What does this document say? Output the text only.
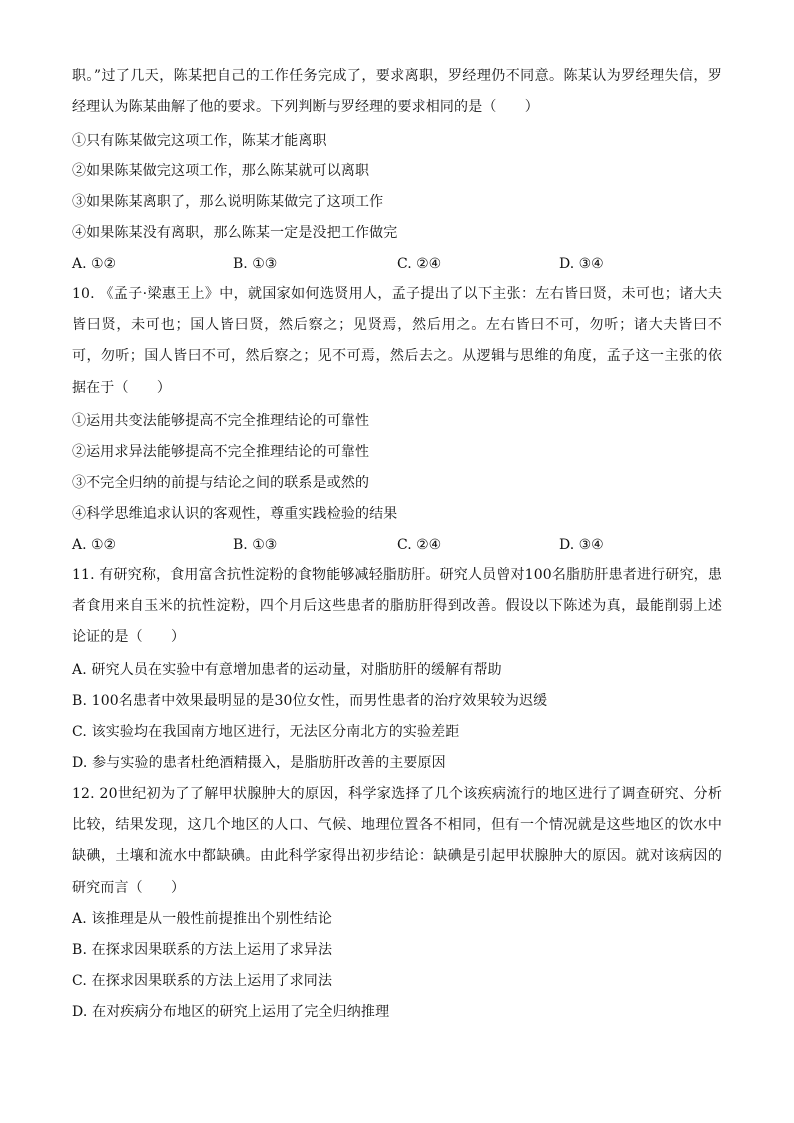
职。”过了几天，陈某把自己的工作任务完成了，要求离职，罗经理仍不同意。陈某认为罗经理失信，罗经理认为陈某曲解了他的要求。下列判断与罗经理的要求相同的是（　　）
①只有陈某做完这项工作，陈某才能离职
②如果陈某做完这项工作，那么陈某就可以离职
③如果陈某离职了，那么说明陈某做完了这项工作
④如果陈某没有离职，那么陈某一定是没把工作做完
A. ①②	B. ①③	C. ②④	D. ③④
10. 《孟子·梁惠王上》中，就国家如何选贤用人，孟子提出了以下主张：左右皆曰贤，未可也；诸大夫皆曰贤，未可也；国人皆曰贤，然后察之；见贤焉，然后用之。左右皆曰不可，勿听；诸大夫皆曰不可，勿听；国人皆曰不可，然后察之；见不可焉，然后去之。从逻辑与思维的角度，孟子这一主张的依据在于（　　）
①运用共变法能够提高不完全推理结论的可靠性
②运用求异法能够提高不完全推理结论的可靠性
③不完全归纳的前提与结论之间的联系是或然的
④科学思维追求认识的客观性，尊重实践检验的结果
A. ①②	B. ①③	C. ②④	D. ③④
11. 有研究称，食用富含抗性淀粉的食物能够减轻脂肪肝。研究人员曾对100名脂肪肝患者进行研究，患者食用来自玉米的抗性淀粉，四个月后这些患者的脂肪肝得到改善。假设以下陈述为真，最能削弱上述论证的是（　　）
A. 研究人员在实验中有意增加患者的运动量，对脂肪肝的缓解有帮助
B. 100名患者中效果最明显的是30位女性，而男性患者的治疗效果较为迟缓
C. 该实验均在我国南方地区进行，无法区分南北方的实验差距
D. 参与实验的患者杜绝酒精摄入，是脂肪肝改善的主要原因
12. 20世纪初为了了解甲状腺肿大的原因，科学家选择了几个该疾病流行的地区进行了调查研究、分析比较，结果发现，这几个地区的人口、气候、地理位置各不相同，但有一个情况就是这些地区的饮水中缺碘，土壤和流水中都缺碘。由此科学家得出初步结论：缺碘是引起甲状腺肿大的原因。就对该病因的研究而言（　　）
A. 该推理是从一般性前提推出个别性结论
B. 在探求因果联系的方法上运用了求异法
C. 在探求因果联系的方法上运用了求同法
D. 在对疾病分布地区的研究上运用了完全归纳推理
